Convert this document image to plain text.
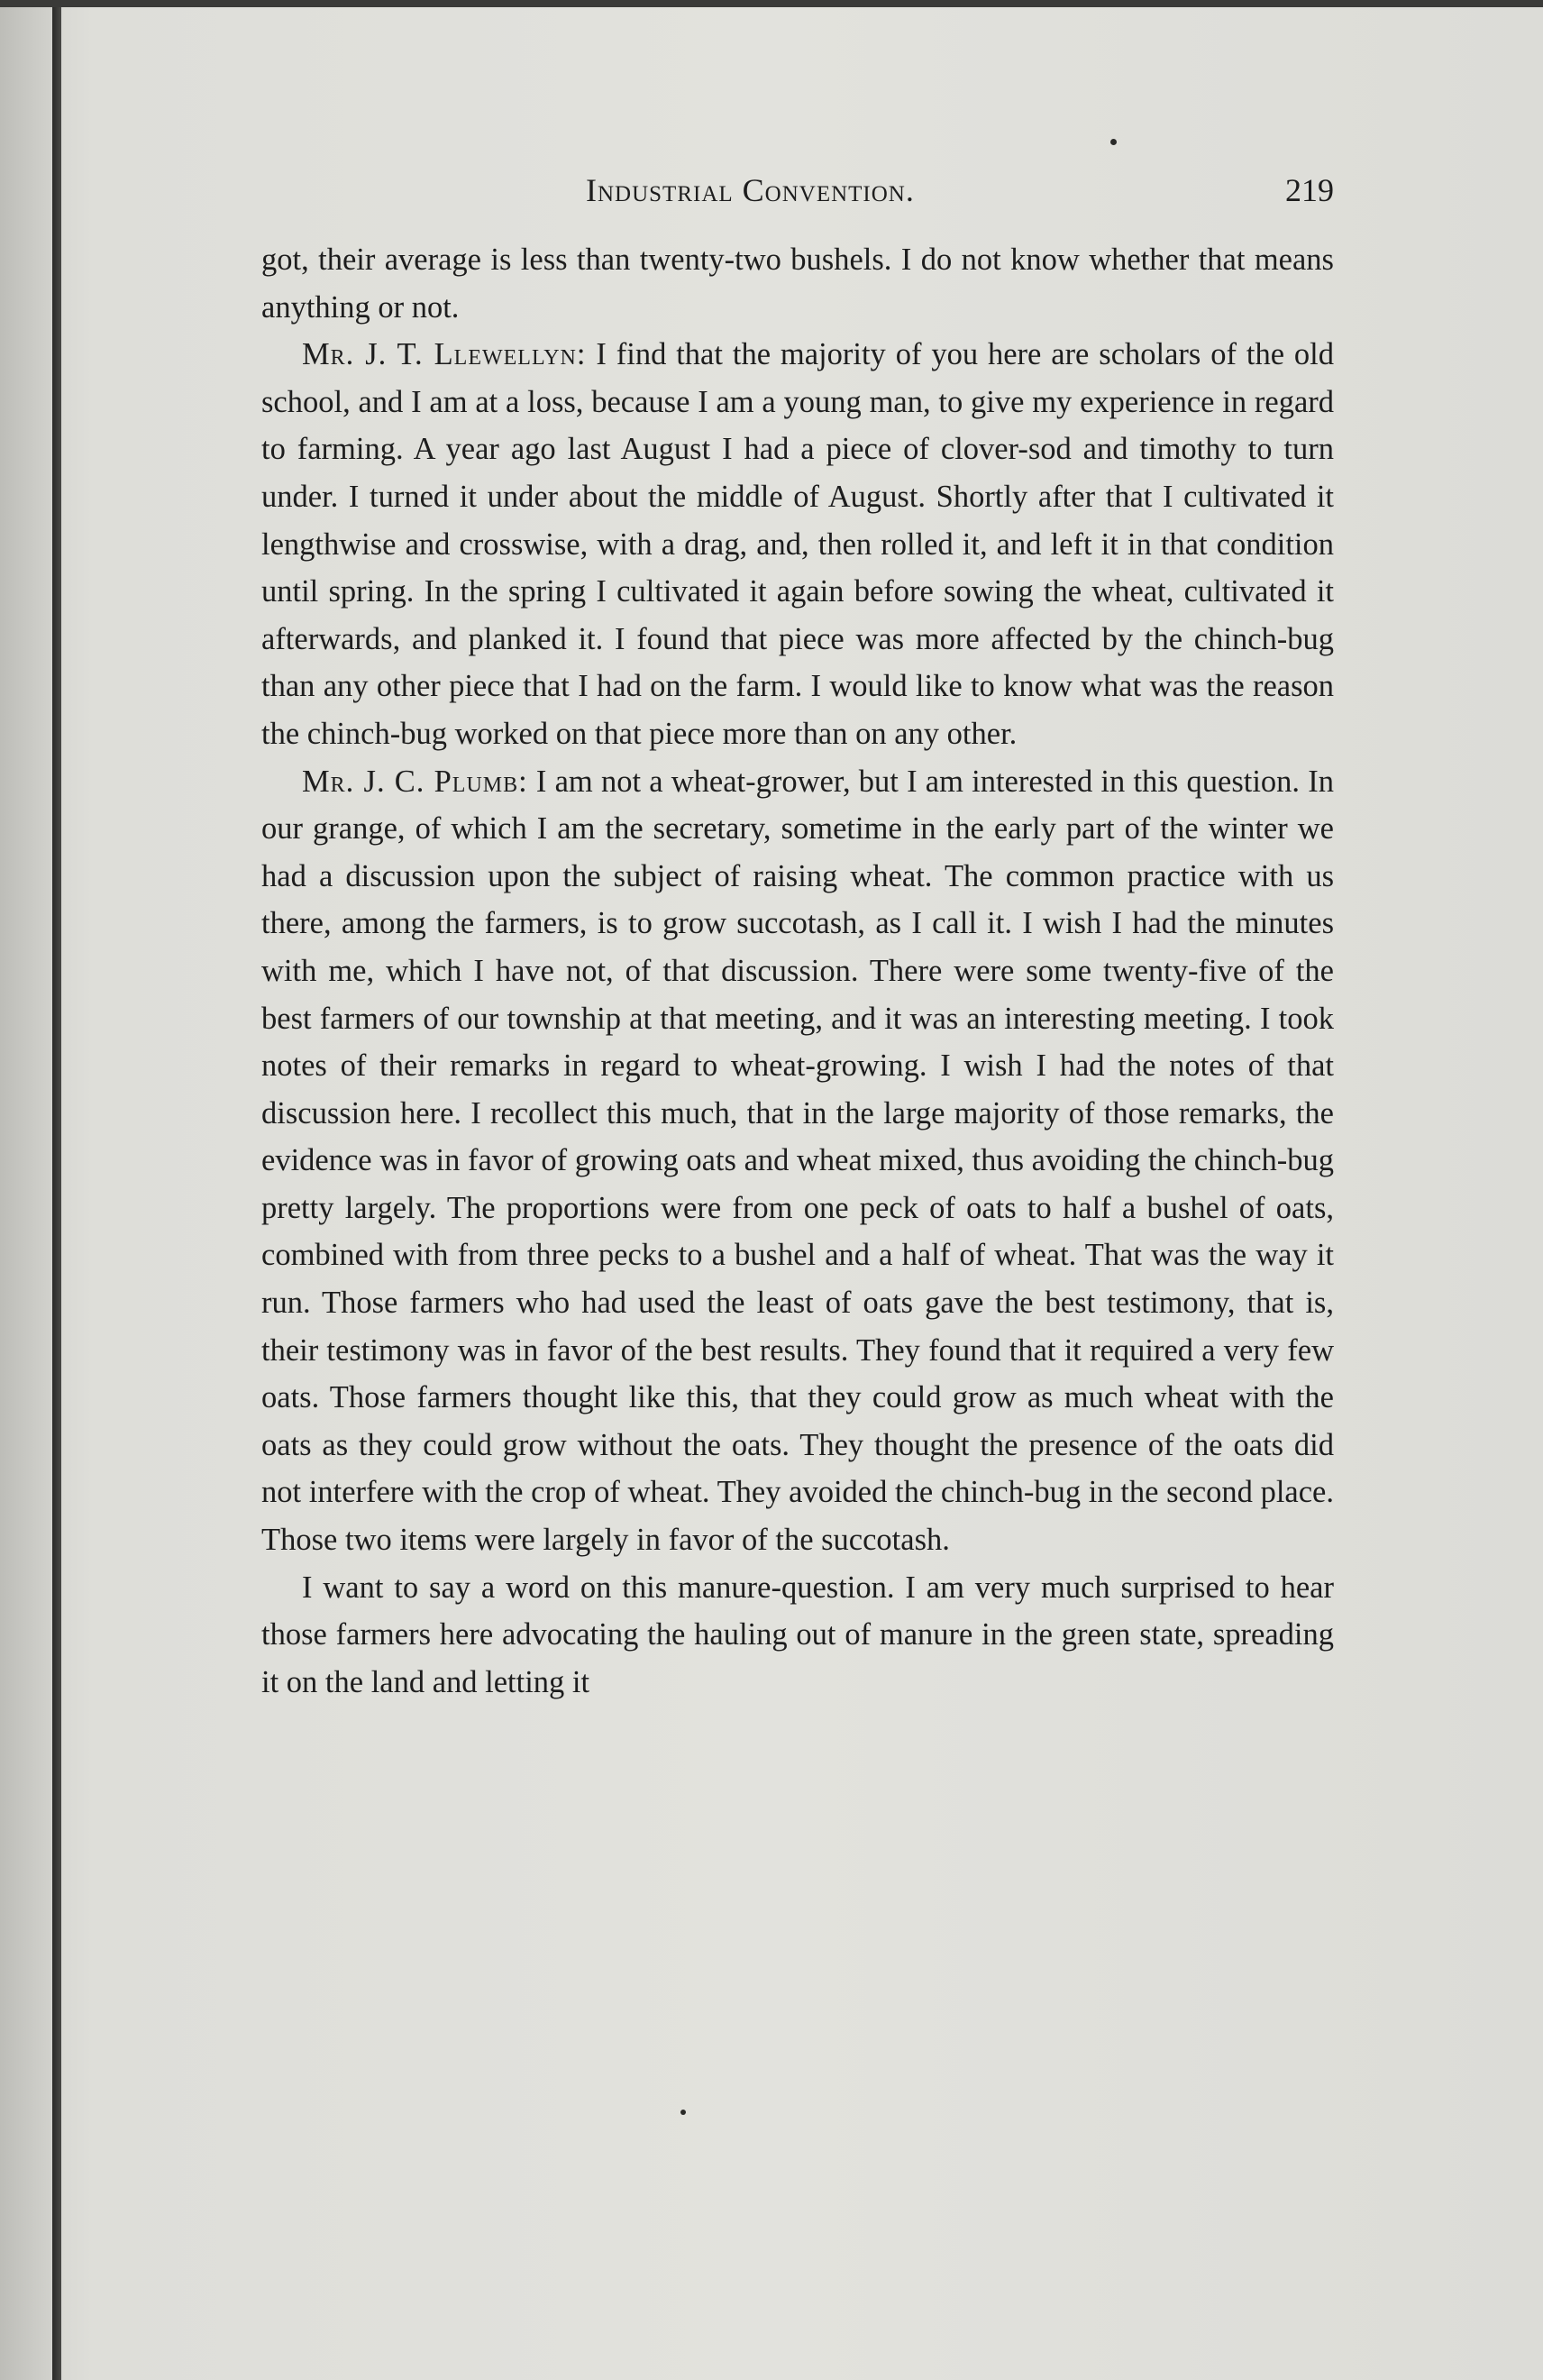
Industrial Convention.	219

got, their average is less than twenty-two bushels. I do not know whether that means anything or not.

Mr. J. T. Llewellyn: I find that the majority of you here are scholars of the old school, and I am at a loss, because I am a young man, to give my experience in regard to farming. A year ago last August I had a piece of clover-sod and timothy to turn under. I turned it under about the middle of August. Shortly after that I cultivated it lengthwise and crosswise, with a drag, and, then rolled it, and left it in that condition until spring. In the spring I cultivated it again before sowing the wheat, cultivated it afterwards, and planked it. I found that piece was more affected by the chinch-bug than any other piece that I had on the farm. I would like to know what was the reason the chinch-bug worked on that piece more than on any other.

Mr. J. C. Plumb: I am not a wheat-grower, but I am interested in this question. In our grange, of which I am the secretary, sometime in the early part of the winter we had a discussion upon the subject of raising wheat. The common practice with us there, among the farmers, is to grow succotash, as I call it. I wish I had the minutes with me, which I have not, of that discussion. There were some twenty-five of the best farmers of our township at that meeting, and it was an interesting meeting. I took notes of their remarks in regard to wheat-growing. I wish I had the notes of that discussion here. I recollect this much, that in the large majority of those remarks, the evidence was in favor of growing oats and wheat mixed, thus avoiding the chinch-bug pretty largely. The proportions were from one peck of oats to half a bushel of oats, combined with from three pecks to a bushel and a half of wheat. That was the way it run. Those farmers who had used the least of oats gave the best testimony, that is, their testimony was in favor of the best results. They found that it required a very few oats. Those farmers thought like this, that they could grow as much wheat with the oats as they could grow without the oats. They thought the presence of the oats did not interfere with the crop of wheat. They avoided the chinch-bug in the second place. Those two items were largely in favor of the succotash.

I want to say a word on this manure-question. I am very much surprised to hear those farmers here advocating the hauling out of manure in the green state, spreading it on the land and letting it
